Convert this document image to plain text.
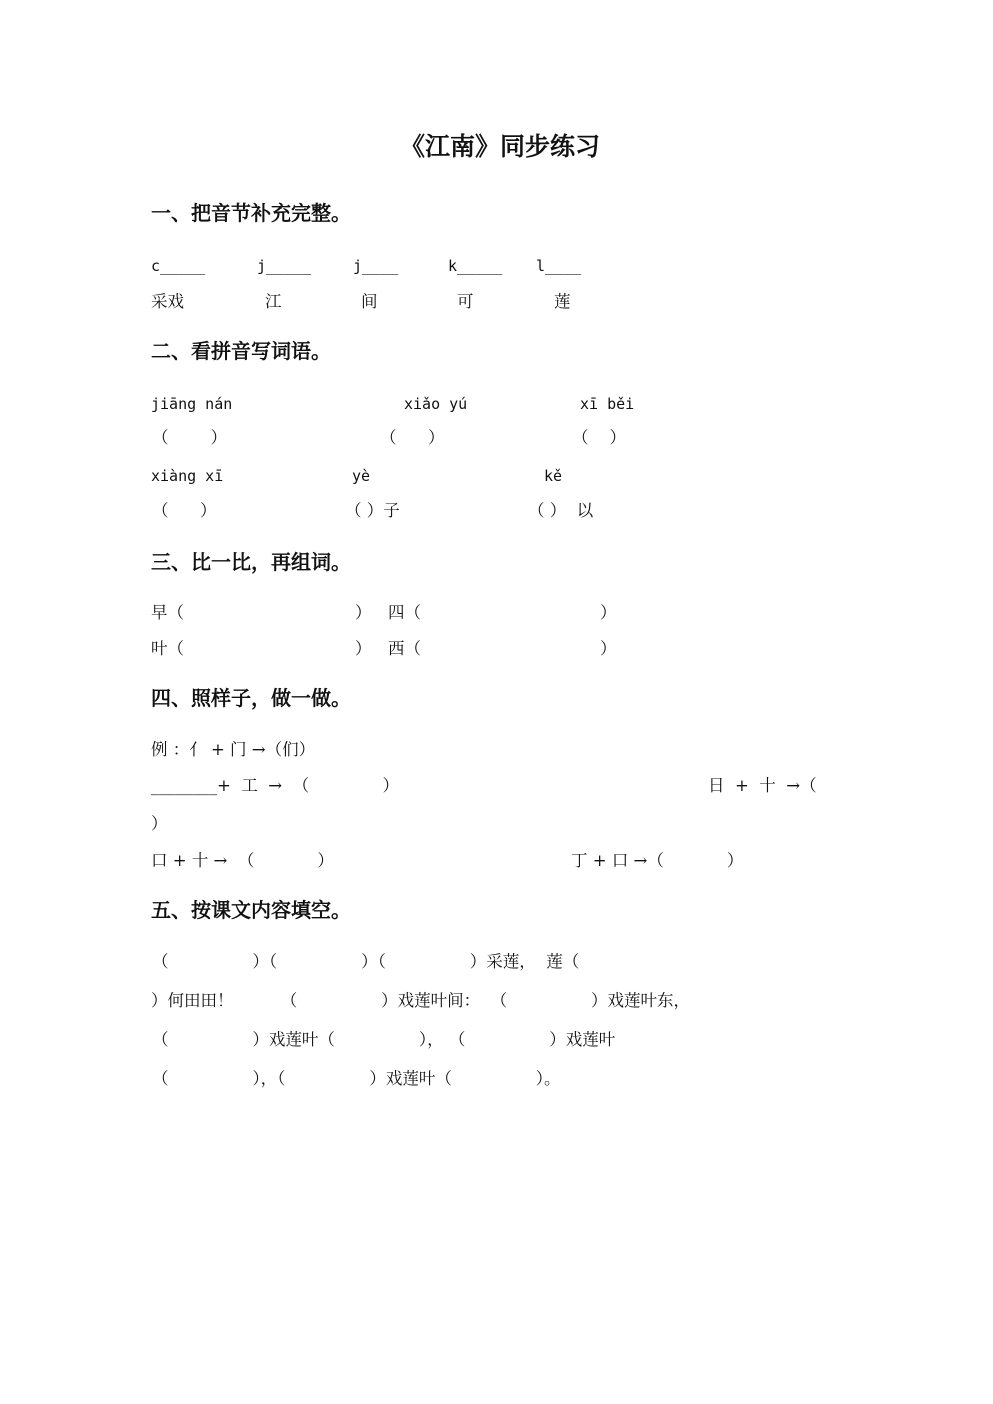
《江南》同步练习
一、把音节补充完整。
c_____	j_____	j____	k_____ l____
采戏	江	间	可	莲
二、看拼音写词语。
jiāng nán	xiǎo yú	xī běi
（        ）	（      ）	（    ）
xiàng xī	yè	kě
（      ）	（ ）子	（ ）  以
三、比一比，再组词。
早（	） 四（	）
叶（	） 西（	）
四、照样子，做一做。
例 ：亻 + 门 →（们）
________+  工  →  （              ）	日  +  十  →（
）
口 + 十 →  （            ）	丁 + 口 →（            ）
五、按课文内容填空。
（                ）（                ）（                ）采莲，  莲（
）何田田！         （                ）戏莲叶间：  （                ）戏莲叶东，
（                ）戏莲叶（                ）， （                ）戏莲叶
（                ），（                ）戏莲叶（                ）。
